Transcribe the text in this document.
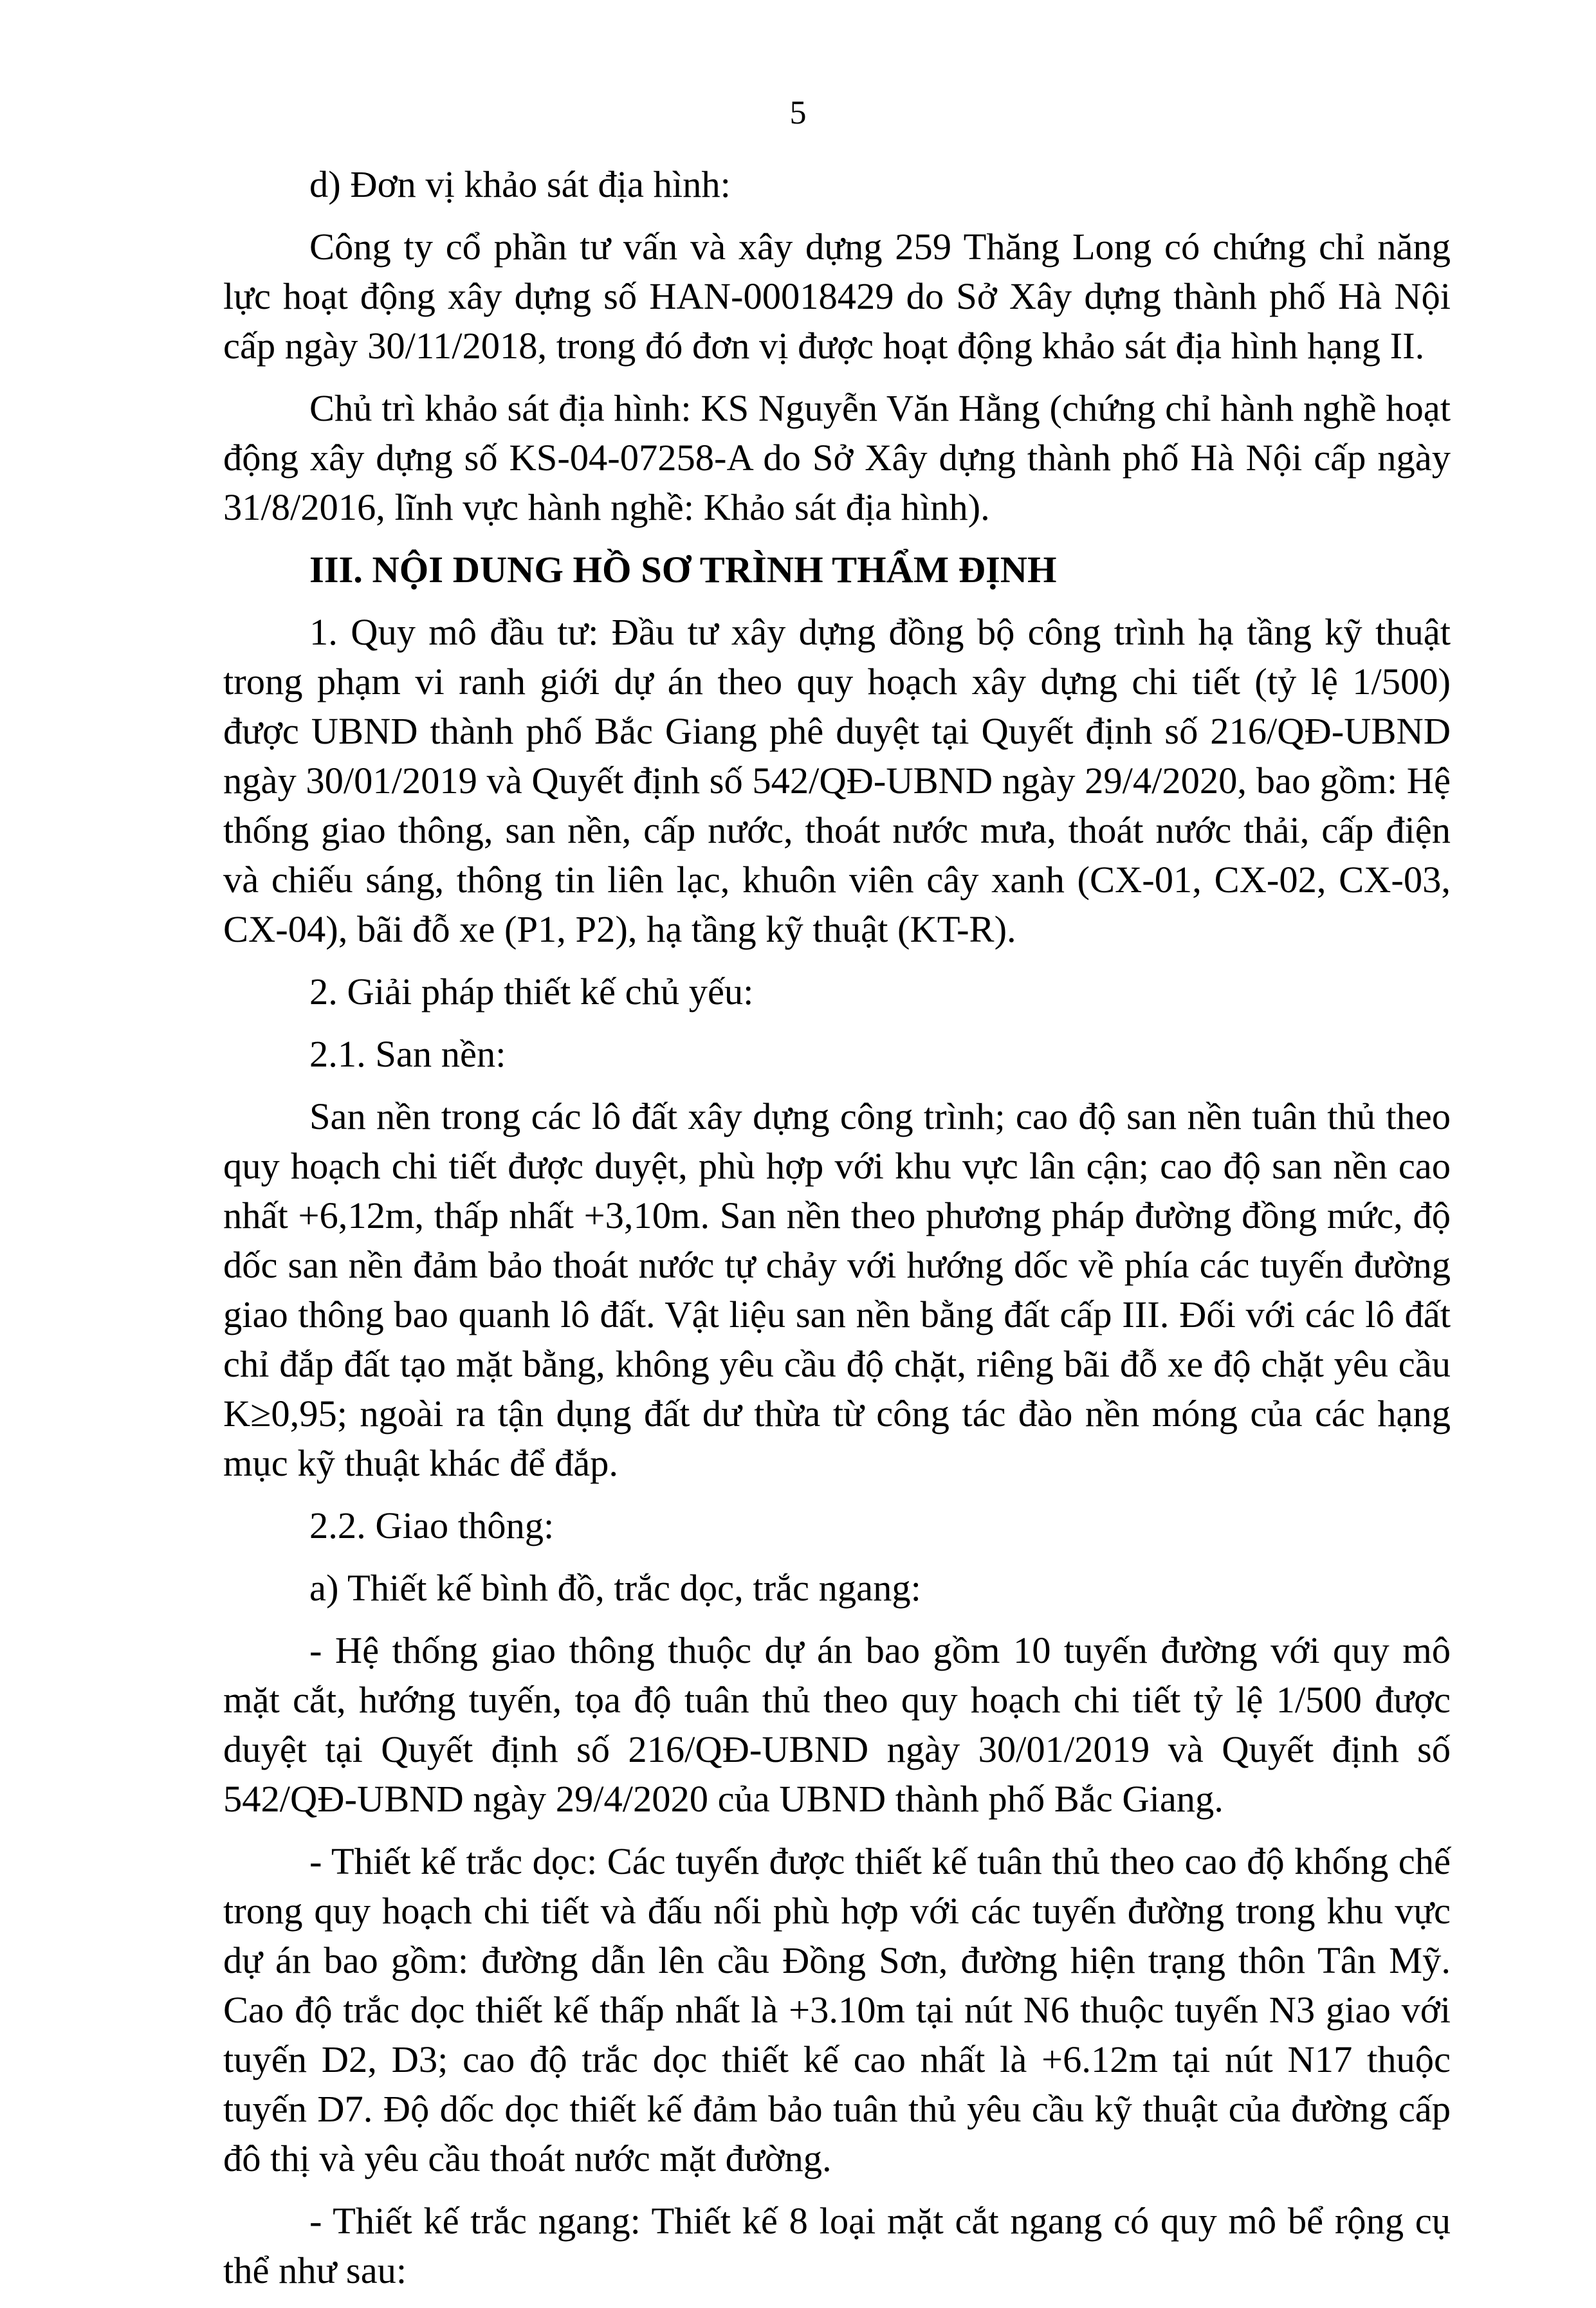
5

d) Đơn vị khảo sát địa hình:

Công ty cổ phần tư vấn và xây dựng 259 Thăng Long có chứng chỉ năng lực hoạt động xây dựng số HAN-00018429 do Sở Xây dựng thành phố Hà Nội cấp ngày 30/11/2018, trong đó đơn vị được hoạt động khảo sát địa hình hạng II.

Chủ trì khảo sát địa hình: KS Nguyễn Văn Hằng (chứng chỉ hành nghề hoạt động xây dựng số KS-04-07258-A do Sở Xây dựng thành phố Hà Nội cấp ngày 31/8/2016, lĩnh vực hành nghề: Khảo sát địa hình).

III. NỘI DUNG HỒ SƠ TRÌNH THẨM ĐỊNH

1. Quy mô đầu tư: Đầu tư xây dựng đồng bộ công trình hạ tầng kỹ thuật trong phạm vi ranh giới dự án theo quy hoạch xây dựng chi tiết (tỷ lệ 1/500) được UBND thành phố Bắc Giang phê duyệt tại Quyết định số 216/QĐ-UBND ngày 30/01/2019 và Quyết định số 542/QĐ-UBND ngày 29/4/2020, bao gồm: Hệ thống giao thông, san nền, cấp nước, thoát nước mưa, thoát nước thải, cấp điện và chiếu sáng, thông tin liên lạc, khuôn viên cây xanh (CX-01, CX-02, CX-03, CX-04), bãi đỗ xe (P1, P2), hạ tầng kỹ thuật (KT-R).

2. Giải pháp thiết kế chủ yếu:

2.1. San nền:

San nền trong các lô đất xây dựng công trình; cao độ san nền tuân thủ theo quy hoạch chi tiết được duyệt, phù hợp với khu vực lân cận; cao độ san nền cao nhất +6,12m, thấp nhất +3,10m. San nền theo phương pháp đường đồng mức, độ dốc san nền đảm bảo thoát nước tự chảy với hướng dốc về phía các tuyến đường giao thông bao quanh lô đất. Vật liệu san nền bằng đất cấp III. Đối với các lô đất chỉ đắp đất tạo mặt bằng, không yêu cầu độ chặt, riêng bãi đỗ xe độ chặt yêu cầu K≥0,95; ngoài ra tận dụng đất dư thừa từ công tác đào nền móng của các hạng mục kỹ thuật khác để đắp.

2.2. Giao thông:

a) Thiết kế bình đồ, trắc dọc, trắc ngang:

- Hệ thống giao thông thuộc dự án bao gồm 10 tuyến đường với quy mô mặt cắt, hướng tuyến, tọa độ tuân thủ theo quy hoạch chi tiết tỷ lệ 1/500 được duyệt tại Quyết định số 216/QĐ-UBND ngày 30/01/2019 và Quyết định số 542/QĐ-UBND ngày 29/4/2020 của UBND thành phố Bắc Giang.

- Thiết kế trắc dọc: Các tuyến được thiết kế tuân thủ theo cao độ khống chế trong quy hoạch chi tiết và đấu nối phù hợp với các tuyến đường trong khu vực dự án bao gồm: đường dẫn lên cầu Đồng Sơn, đường hiện trạng thôn Tân Mỹ. Cao độ trắc dọc thiết kế thấp nhất là +3.10m tại nút N6 thuộc tuyến N3 giao với tuyến D2, D3; cao độ trắc dọc thiết kế cao nhất là +6.12m tại nút N17 thuộc tuyến D7. Độ dốc dọc thiết kế đảm bảo tuân thủ yêu cầu kỹ thuật của đường cấp đô thị và yêu cầu thoát nước mặt đường.

- Thiết kế trắc ngang: Thiết kế 8 loại mặt cắt ngang có quy mô bể rộng cụ thể như sau:
